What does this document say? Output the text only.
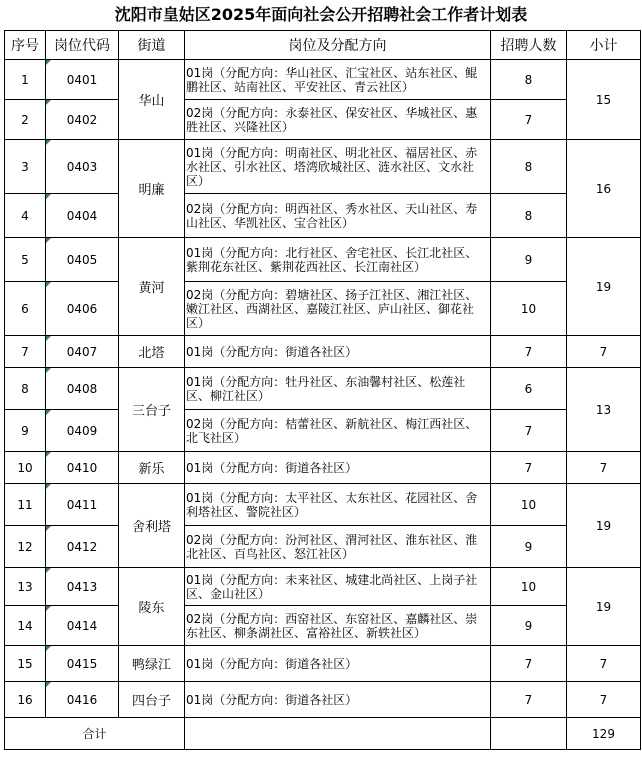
沈阳市皇姑区2025年面向社会公开招聘社会工作者计划表
序号	岗位代码	街道	岗位及分配方向	招聘人数	小计
1	0401	华山	01岗（分配方向：华山社区、汇宝社区、站东社区、鲲鹏社区、站南社区、平安社区、青云社区）	8	15
2	0402		02岗（分配方向：永泰社区、保安社区、华城社区、惠胜社区、兴隆社区）	7	
3	0403	明廉	01岗（分配方向：明南社区、明北社区、福居社区、赤水社区、引水社区、塔湾欣城社区、涟水社区、文水社区）	8	16
4	0404		02岗（分配方向：明西社区、秀水社区、天山社区、寿山社区、华凯社区、宝合社区）	8	
5	0405	黄河	01岗（分配方向：北行社区、舍宅社区、长江北社区、紫荆花东社区、紫荆花西社区、长江南社区）	9	19
6	0406		02岗（分配方向：碧塘社区、扬子江社区、湘江社区、嫩江社区、西湖社区、嘉陵江社区、庐山社区、御花社区）	10	
7	0407	北塔	01岗（分配方向：街道各社区）	7	7
8	0408	三台子	01岗（分配方向：牡丹社区、东油馨村社区、松莲社区、柳江社区）	6	13
9	0409		02岗（分配方向：桔蕾社区、新航社区、梅江西社区、北飞社区）	7	
10	0410	新乐	01岗（分配方向：街道各社区）	7	7
11	0411	舍利塔	01岗（分配方向：太平社区、太东社区、花园社区、舍利塔社区、警院社区）	10	19
12	0412		02岗（分配方向：汾河社区、渭河社区、淮东社区、淮北社区、百鸟社区、怒江社区）	9	
13	0413	陵东	01岗（分配方向：未来社区、城建北尚社区、上岗子社区、金山社区）	10	19
14	0414		02岗（分配方向：西窑社区、东窑社区、嘉麟社区、崇东社区、柳条湖社区、富裕社区、新轶社区）	9	
15	0415	鸭绿江	01岗（分配方向：街道各社区）	7	7
16	0416	四台子	01岗（分配方向：街道各社区）	7	7
合计					129
